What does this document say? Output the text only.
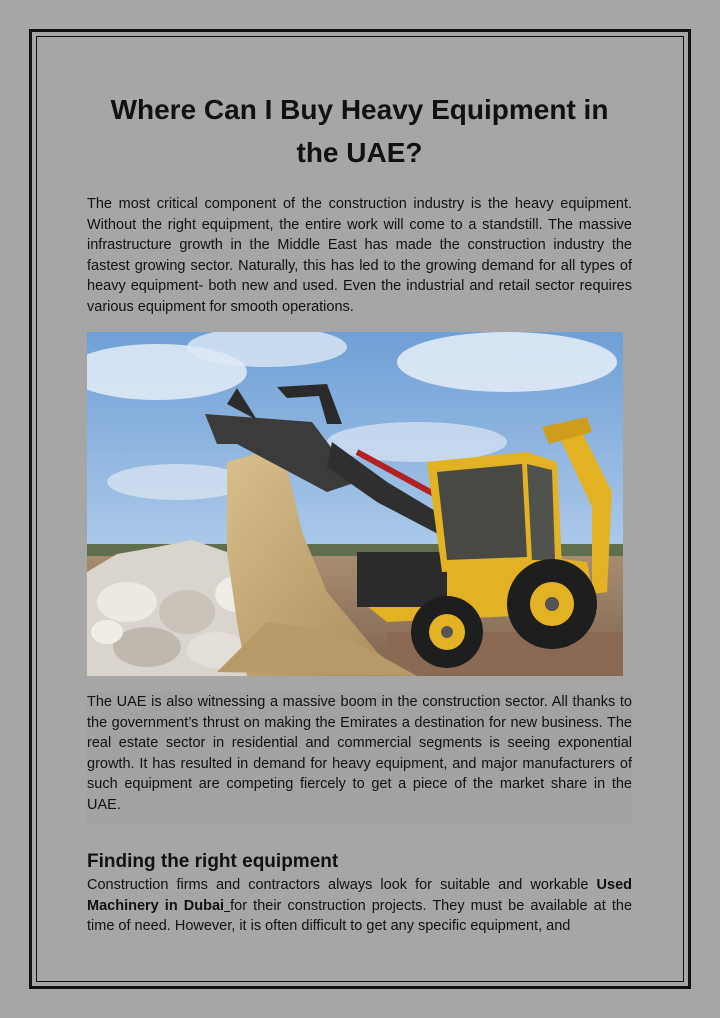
Where Can I Buy Heavy Equipment in the UAE?

The most critical component of the construction industry is the heavy equipment. Without the right equipment, the entire work will come to a standstill. The massive infrastructure growth in the Middle East has made the construction industry the fastest growing sector. Naturally, this has led to the growing demand for all types of heavy equipment- both new and used. Even the industrial and retail sector requires various equipment for smooth operations.

The UAE is also witnessing a massive boom in the construction sector. All thanks to the government’s thrust on making the Emirates a destination for new business. The real estate sector in residential and commercial segments is seeing exponential growth. It has resulted in demand for heavy equipment, and major manufacturers of such equipment are competing fiercely to get a piece of the market share in the UAE.

Finding the right equipment

Construction firms and contractors always look for suitable and workable Used Machinery in Dubai for their construction projects. They must be available at the time of need. However, it is often difficult to get any specific equipment, and
